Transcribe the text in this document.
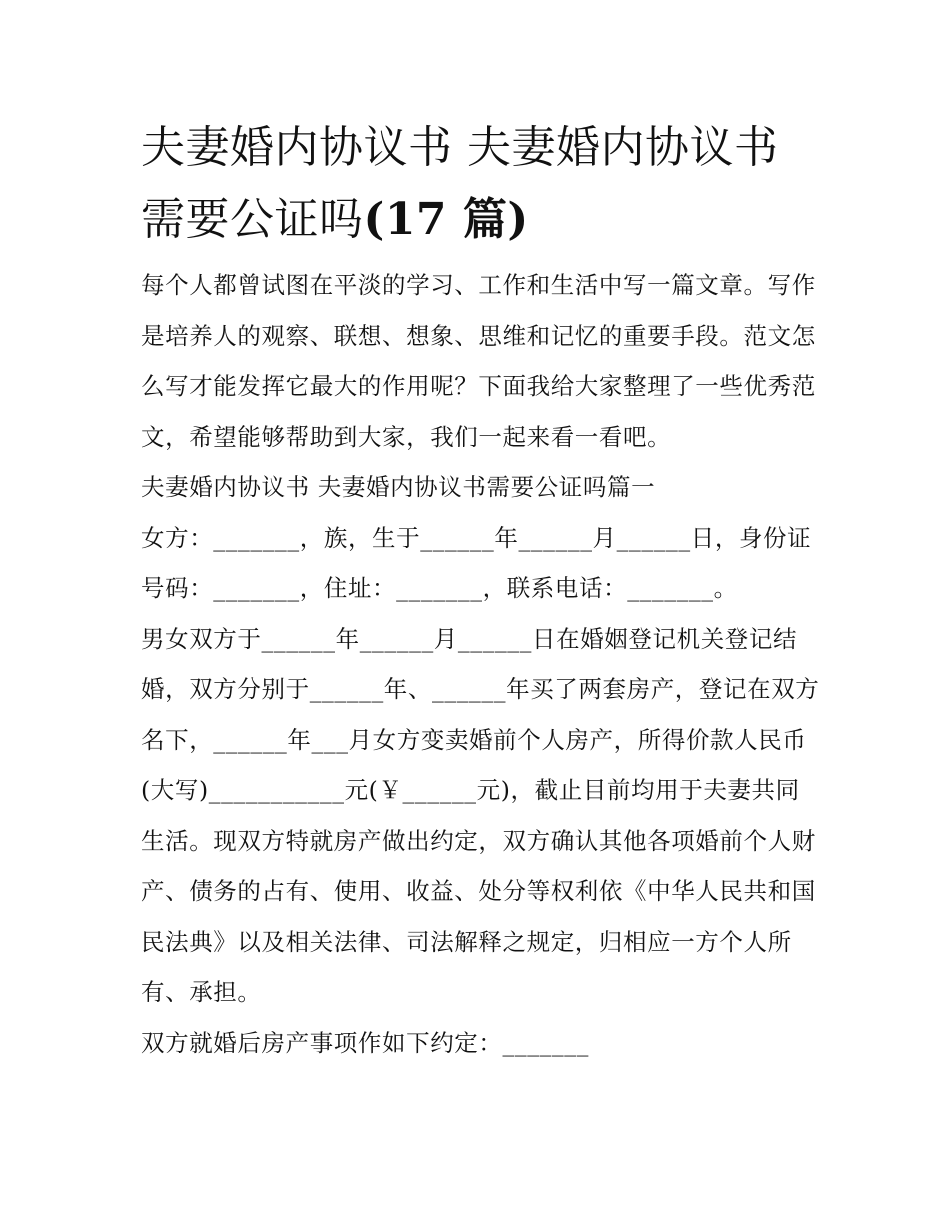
夫妻婚内协议书 夫妻婚内协议书需要公证吗(17 篇)

每个人都曾试图在平淡的学习、工作和生活中写一篇文章。写作是培养人的观察、联想、想象、思维和记忆的重要手段。范文怎么写才能发挥它最大的作用呢？下面我给大家整理了一些优秀范文，希望能够帮助到大家，我们一起来看一看吧。

夫妻婚内协议书 夫妻婚内协议书需要公证吗篇一

女方：_______，族，生于______年______月______日，身份证号码：_______，住址：_______，联系电话：_______。

男女双方于______年______月______日在婚姻登记机关登记结婚，双方分别于______年、______年买了两套房产，登记在双方名下，______年___月女方变卖婚前个人房产，所得价款人民币(大写)___________元(￥______元)，截止目前均用于夫妻共同生活。现双方特就房产做出约定，双方确认其他各项婚前个人财产、债务的占有、使用、收益、处分等权利依《中华人民共和国民法典》以及相关法律、司法解释之规定，归相应一方个人所有、承担。

双方就婚后房产事项作如下约定：_______
